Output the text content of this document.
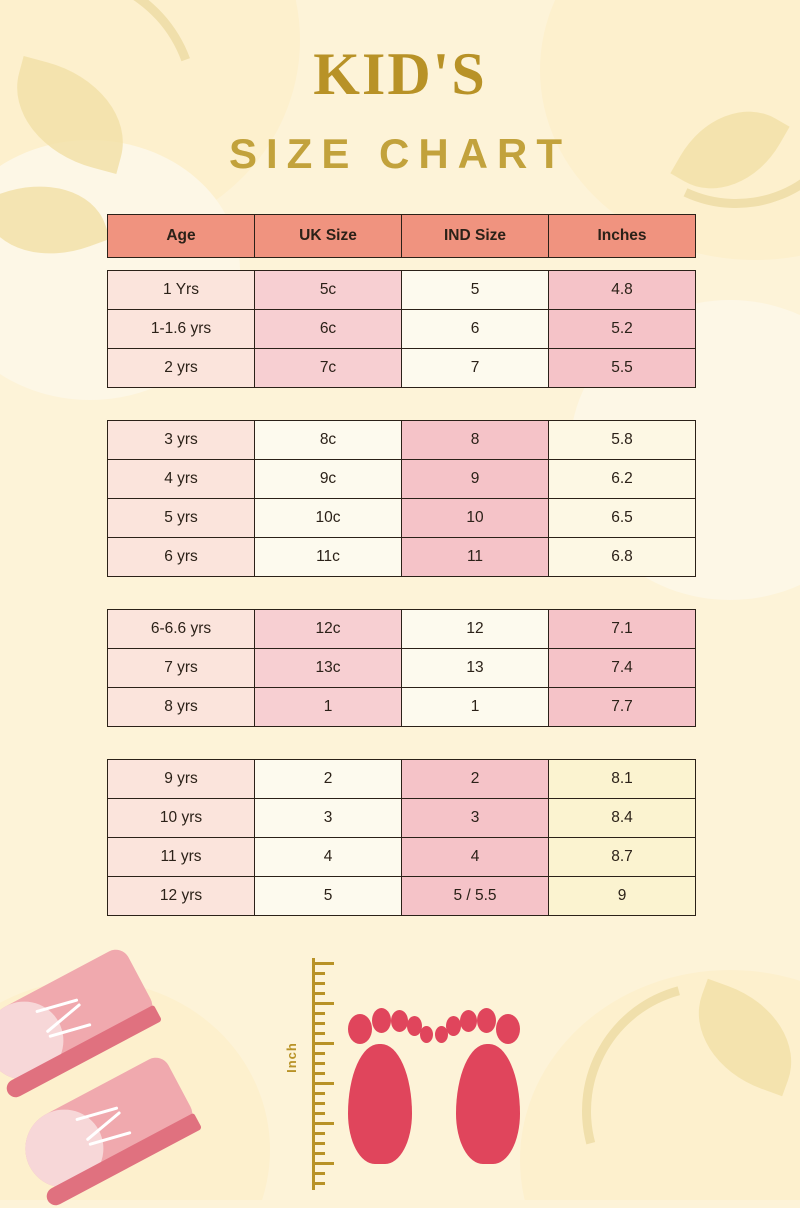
KID'S
SIZE CHART
Age	UK Size	IND Size	Inches
1 Yrs	5c	5	4.8
1-1.6 yrs	6c	6	5.2
2 yrs	7c	7	5.5
3 yrs	8c	8	5.8
4 yrs	9c	9	6.2
5 yrs	10c	10	6.5
6 yrs	11c	11	6.8
6-6.6 yrs	12c	12	7.1
7 yrs	13c	13	7.4
8 yrs	1	1	7.7
9 yrs	2	2	8.1
10 yrs	3	3	8.4
11 yrs	4	4	8.7
12 yrs	5	5 / 5.5	9
Inch
